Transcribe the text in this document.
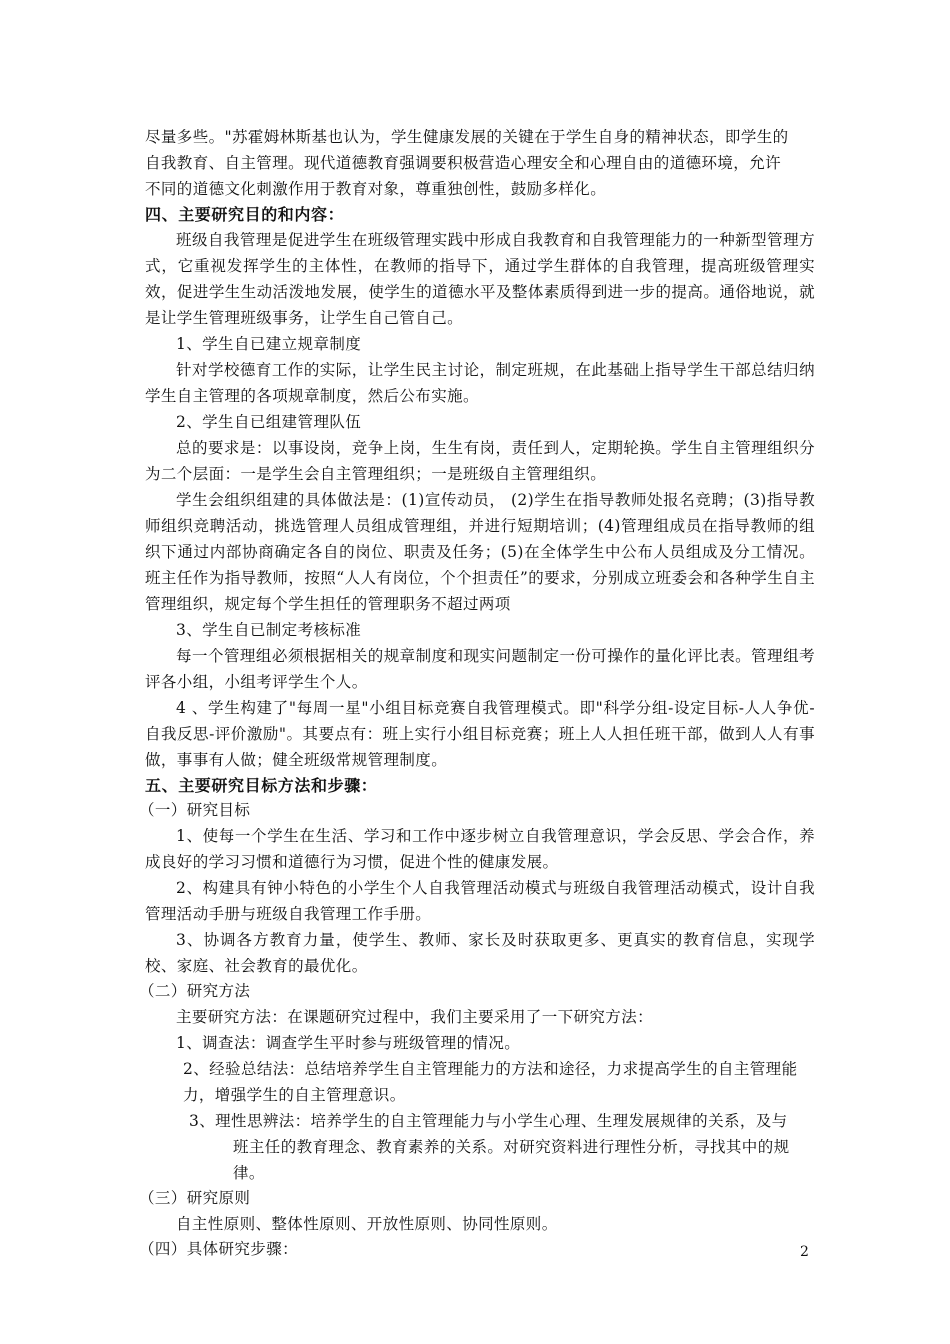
尽量多些。"苏霍姆林斯基也认为，学生健康发展的关键在于学生自身的精神状态，即学生的

自我教育、自主管理。现代道德教育强调要积极营造心理安全和心理自由的道德环境，允许

不同的道德文化刺激作用于教育对象，尊重独创性，鼓励多样化。

四、主要研究目的和内容：

班级自我管理是促进学生在班级管理实践中形成自我教育和自我管理能力的一种新型管理方式，它重视发挥学生的主体性，在教师的指导下，通过学生群体的自我管理，提高班级管理实效，促进学生生动活泼地发展，使学生的道德水平及整体素质得到进一步的提高。通俗地说，就是让学生管理班级事务，让学生自己管自己。

1、学生自已建立规章制度

针对学校德育工作的实际，让学生民主讨论，制定班规，在此基础上指导学生干部总结归纳学生自主管理的各项规章制度，然后公布实施。

2、学生自已组建管理队伍

总的要求是：以事设岗，竞争上岗，生生有岗，责任到人，定期轮换。学生自主管理组织分为二个层面：一是学生会自主管理组织；一是班级自主管理组织。

学生会组织组建的具体做法是：(1)宣传动员， (2)学生在指导教师处报名竞聘；(3)指导教师组织竞聘活动，挑选管理人员组成管理组，并进行短期培训；(4)管理组成员在指导教师的组织下通过内部协商确定各自的岗位、职责及任务；(5)在全体学生中公布人员组成及分工情况。班主任作为指导教师，按照“人人有岗位，个个担责任”的要求，分别成立班委会和各种学生自主管理组织，规定每个学生担任的管理职务不超过两项

3、学生自已制定考核标准

每一个管理组必须根据相关的规章制度和现实问题制定一份可操作的量化评比表。管理组考评各小组，小组考评学生个人。

4 、学生构建了"每周一星"小组目标竞赛自我管理模式。即"科学分组-设定目标-人人争优-自我反思-评价激励"。其要点有：班上实行小组目标竞赛；班上人人担任班干部，做到人人有事做，事事有人做；健全班级常规管理制度。

五、主要研究目标方法和步骤：

（一）研究目标

1、使每一个学生在生活、学习和工作中逐步树立自我管理意识，学会反思、学会合作，养成良好的学习习惯和道德行为习惯，促进个性的健康发展。

2、构建具有钟小特色的小学生个人自我管理活动模式与班级自我管理活动模式，设计自我管理活动手册与班级自我管理工作手册。

3、协调各方教育力量，使学生、教师、家长及时获取更多、更真实的教育信息，实现学校、家庭、社会教育的最优化。

（二）研究方法

主要研究方法：在课题研究过程中，我们主要采用了一下研究方法：

1、调查法：调查学生平时参与班级管理的情况。

2、经验总结法：总结培养学生自主管理能力的方法和途径，力求提高学生的自主管理能

力，增强学生的自主管理意识。

3、理性思辨法：培养学生的自主管理能力与小学生心理、生理发展规律的关系，及与

班主任的教育理念、教育素养的关系。对研究资料进行理性分析，寻找其中的规

律。

（三）研究原则

自主性原则、整体性原则、开放性原则、协同性原则。

（四）具体研究步骤：	2
